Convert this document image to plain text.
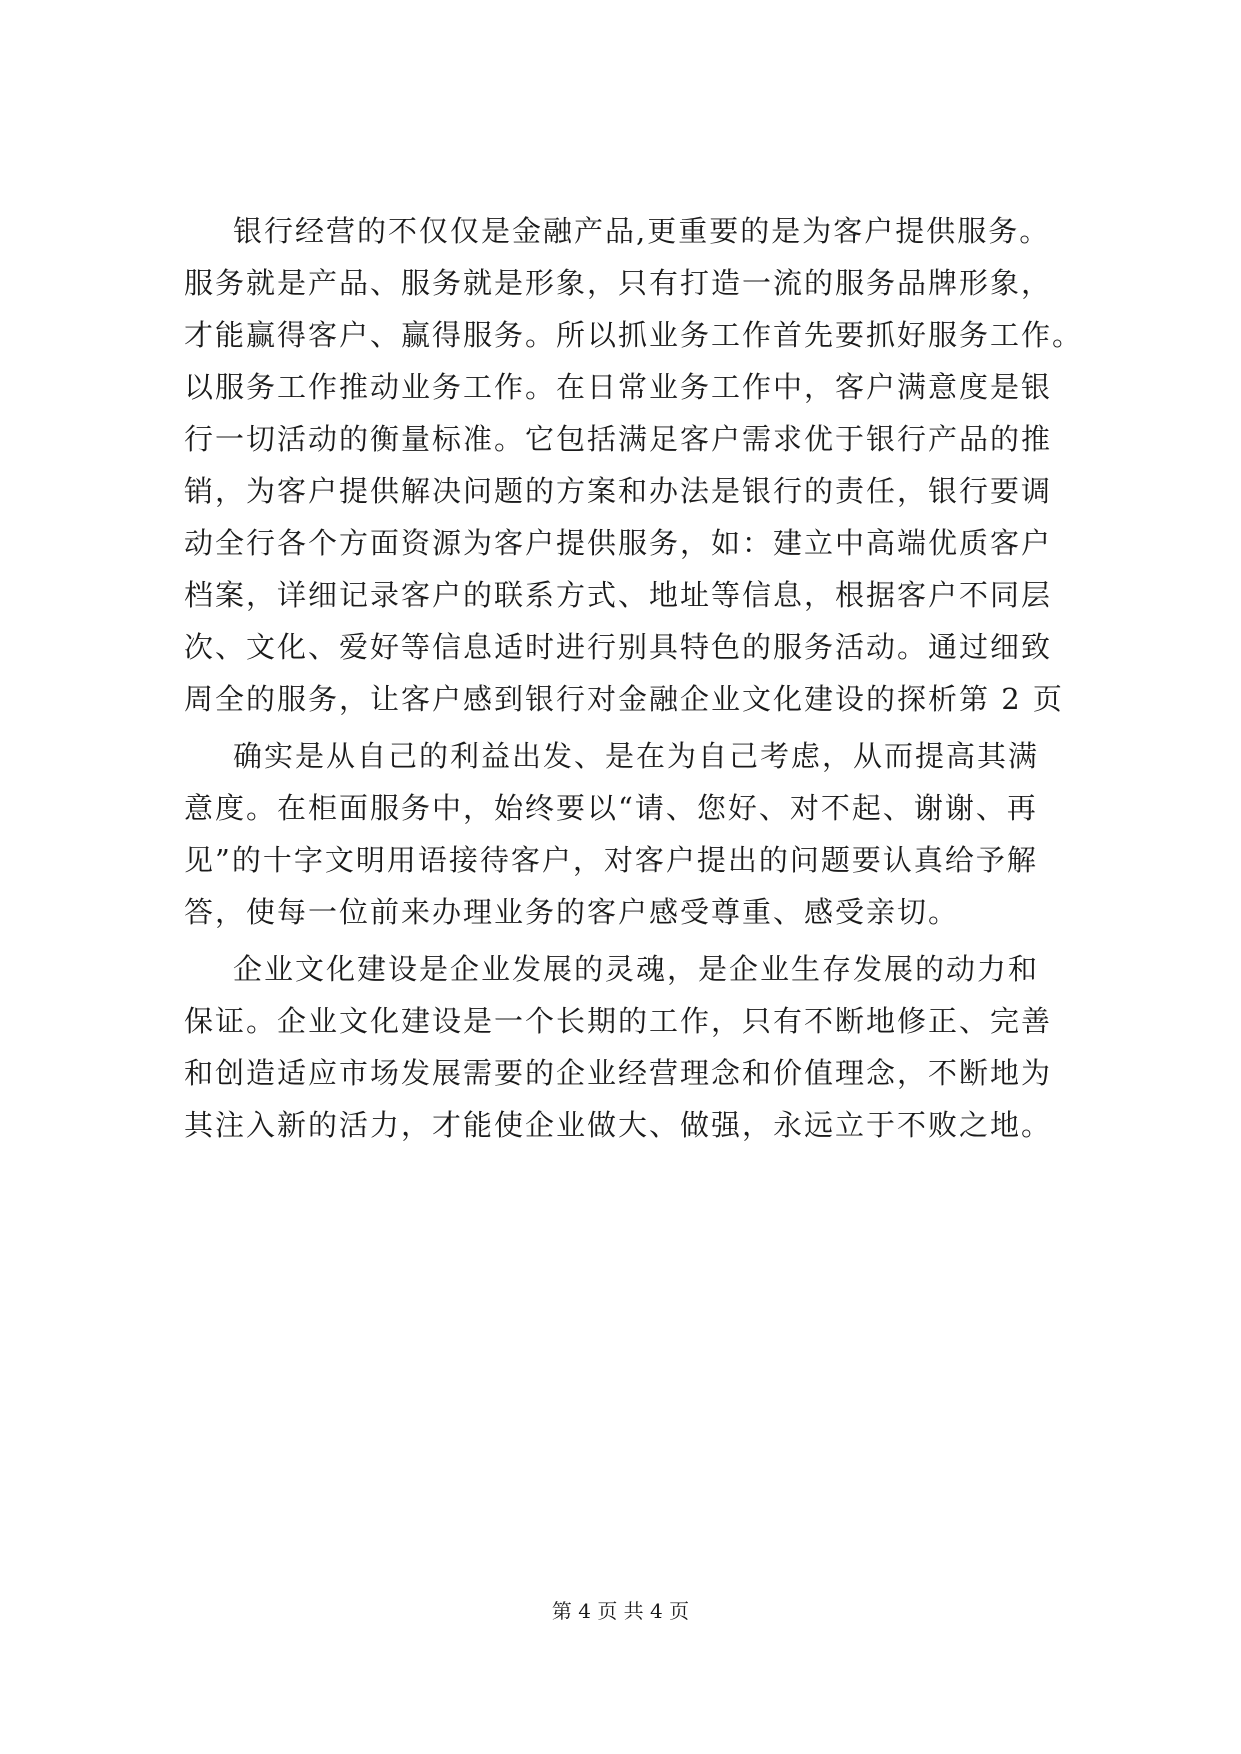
银行经营的不仅仅是金融产品,更重要的是为客户提供服务。
服务就是产品、服务就是形象，只有打造一流的服务品牌形象，
才能赢得客户、赢得服务。所以抓业务工作首先要抓好服务工作。
以服务工作推动业务工作。在日常业务工作中，客户满意度是银
行一切活动的衡量标准。它包括满足客户需求优于银行产品的推
销，为客户提供解决问题的方案和办法是银行的责任，银行要调
动全行各个方面资源为客户提供服务，如：建立中高端优质客户
档案，详细记录客户的联系方式、地址等信息，根据客户不同层
次、文化、爱好等信息适时进行别具特色的服务活动。通过细致
周全的服务，让客户感到银行对金融企业文化建设的探析第 2 页
确实是从自己的利益出发、是在为自己考虑，从而提高其满
意度。在柜面服务中，始终要以“请、您好、对不起、谢谢、再
见”的十字文明用语接待客户，对客户提出的问题要认真给予解
答，使每一位前来办理业务的客户感受尊重、感受亲切。
企业文化建设是企业发展的灵魂，是企业生存发展的动力和
保证。企业文化建设是一个长期的工作，只有不断地修正、完善
和创造适应市场发展需要的企业经营理念和价值理念，不断地为
其注入新的活力，才能使企业做大、做强，永远立于不败之地。
第 4 页 共 4 页
